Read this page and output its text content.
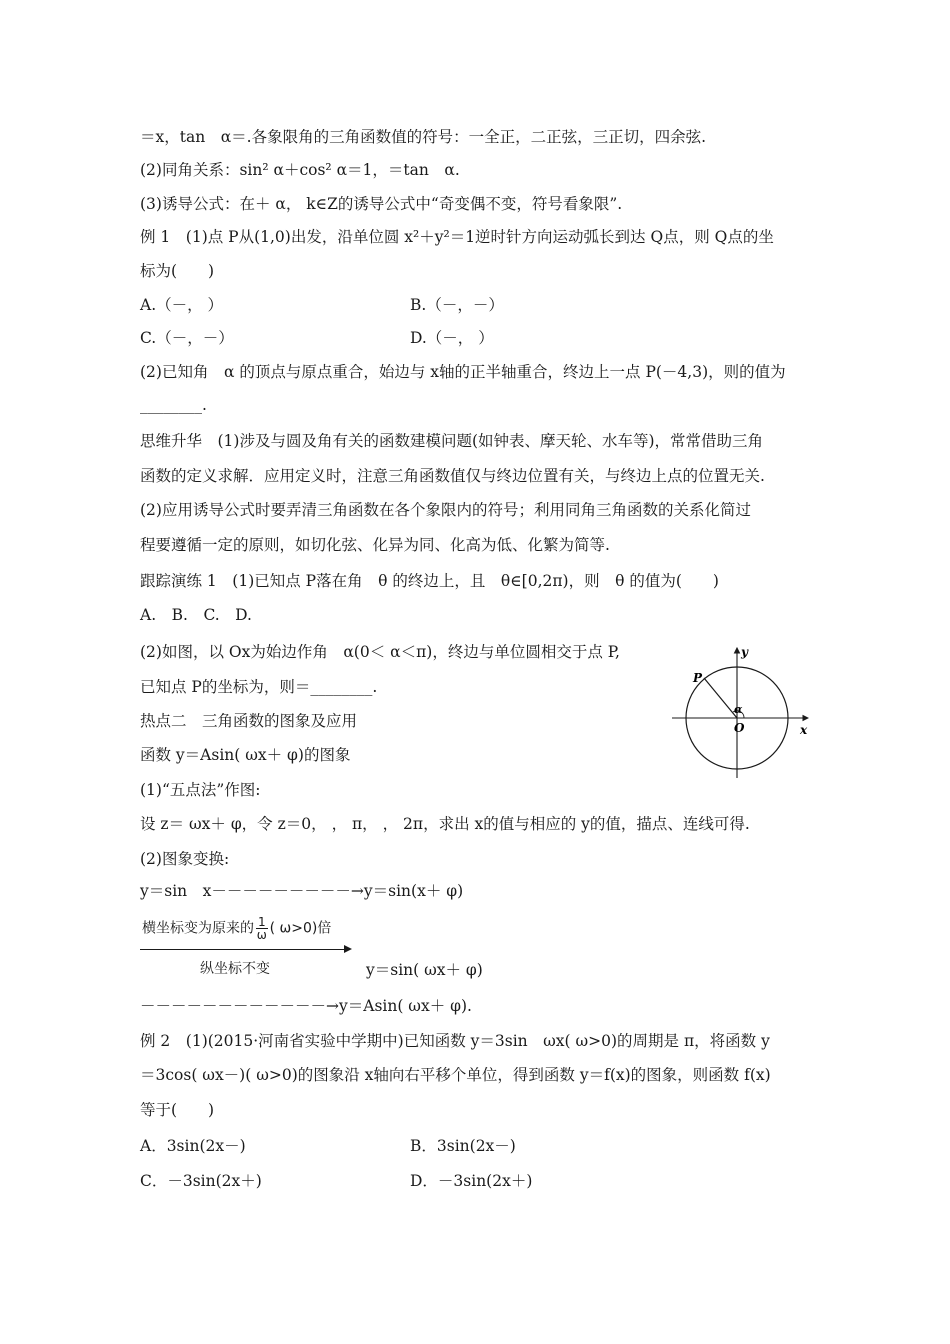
＝x，tan　α＝.各象限角的三角函数值的符号：一全正，二正弦，三正切，四余弦.
(2)同角关系：sin² α＋cos² α＝1，＝tan　α.
(3)诱导公式：在＋ α， k∈Z的诱导公式中“奇变偶不变，符号看象限”.
例 1　(1)点 P从(1,0)出发，沿单位圆 x²＋y²＝1逆时针方向运动弧长到达 Q点，则 Q点的坐
标为(　　)
A.（－， ）	B.（－，－）
C.（－，－）	D.（－， ）
(2)已知角　α 的顶点与原点重合，始边与 x轴的正半轴重合，终边上一点 P(－4,3)，则的值为
________.
思维升华　(1)涉及与圆及角有关的函数建模问题(如钟表、摩天轮、水车等)，常常借助三角
函数的定义求解．应用定义时，注意三角函数值仅与终边位置有关，与终边上点的位置无关.
(2)应用诱导公式时要弄清三角函数在各个象限内的符号；利用同角三角函数的关系化简过
程要遵循一定的原则，如切化弦、化异为同、化高为低、化繁为简等.
跟踪演练 1　(1)已知点 P落在角　θ 的终边上，且　θ∈[0,2π)，则　θ 的值为(　　)
A.　B.　C.　D.
(2)如图，以 Ox为始边作角　α(0＜ α＜π)，终边与单位圆相交于点 P,
已知点 P的坐标为，则＝________.
热点二　三角函数的图象及应用
函数 y＝Asin( ωx＋ φ)的图象
(1)“五点法”作图:
设 z＝ ωx＋ φ，令 z＝0， ， π， ， 2π，求出 x的值与相应的 y的值，描点、连线可得.
(2)图象变换:
y＝sin　x－－－－－－－－－→y＝sin(x＋ φ)
横坐标变为原来的 $\frac{1}{\omega}$ ( ω>0)倍
纵坐标不变	y＝sin( ωx＋ φ)
－－－－－－－－－－－－→y＝Asin( ωx＋ φ).
例 2　(1)(2015·河南省实验中学期中)已知函数 y＝3sin　ωx( ω>0)的周期是 π，将函数 y
＝3cos( ωx－)( ω>0)的图象沿 x轴向右平移个单位，得到函数 y＝f(x)的图象，则函数 f(x)
等于(　　)
A．3sin(2x－)	B．3sin(2x－)
C．－3sin(2x＋)	D．－3sin(2x＋)
y
x
P
α
O
